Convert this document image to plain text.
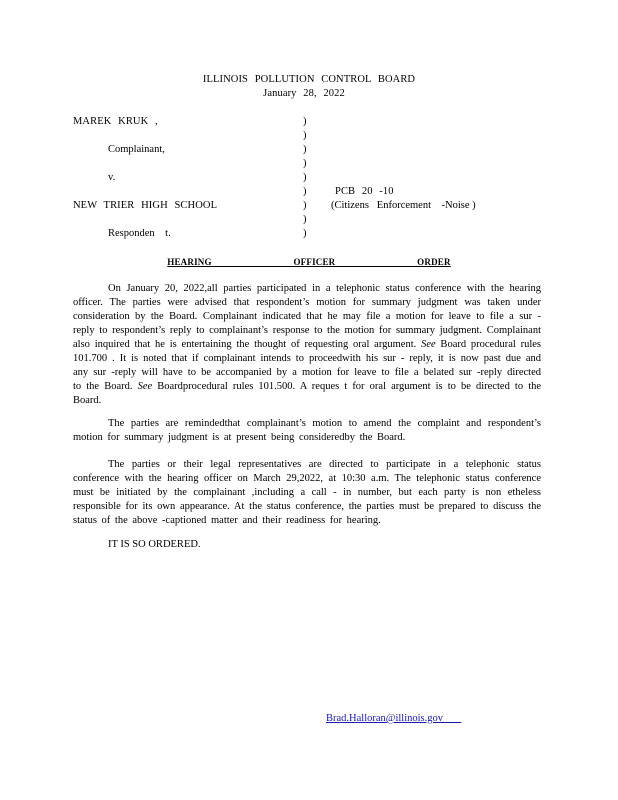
ILLINOIS POLLUTION CONTROL BOARD
January 28, 2022
MAREK KRUK ,
Complainant,
v.
NEW TRIER HIGH SCHOOL
Responden    t.
)
)
)
)
)
)
)
)
)
PCB 20 -10
(Citizens   Enforcement    -Noise )
HEARING    OFFICER    ORDER

On January 20, 2022,all parties participated in a telephonic status conference with the hearing officer. The parties were advised that respondent’s motion for summary judgment was taken under consideration by the Board. Complainant indicated that he may file a motion for leave to file a sur -reply to respondent’s reply to complainant’s response to the motion for summary judgment. Complainant also inquired that he is entertaining the thought of requesting oral argument. See Board procedural rules 101.700 . It is noted that if complainant intends to proceedwith his sur - reply, it is now past due and any sur -reply will have to be accompanied by a motion for leave to file a belated sur -reply directed to the Board. See Boardprocedural rules 101.500. A reques t for oral argument is to be directed to the Board.

The parties are remindedthat complainant’s motion to amend the complaint and respondent’s motion for summary judgment is at present being consideredby the Board.

The parties or their legal representatives are directed to participate in a telephonic status conference with the hearing officer on March 29,2022, at 10:30 a.m. The telephonic status conference must be initiated by the complainant ,including a call - in number, but each party is non etheless responsible for its own appearance. At the status conference, the parties must be prepared to discuss the status of the above -captioned matter and their readiness for hearing.

IT IS SO ORDERED.
Brad.Halloran@illinois.gov
